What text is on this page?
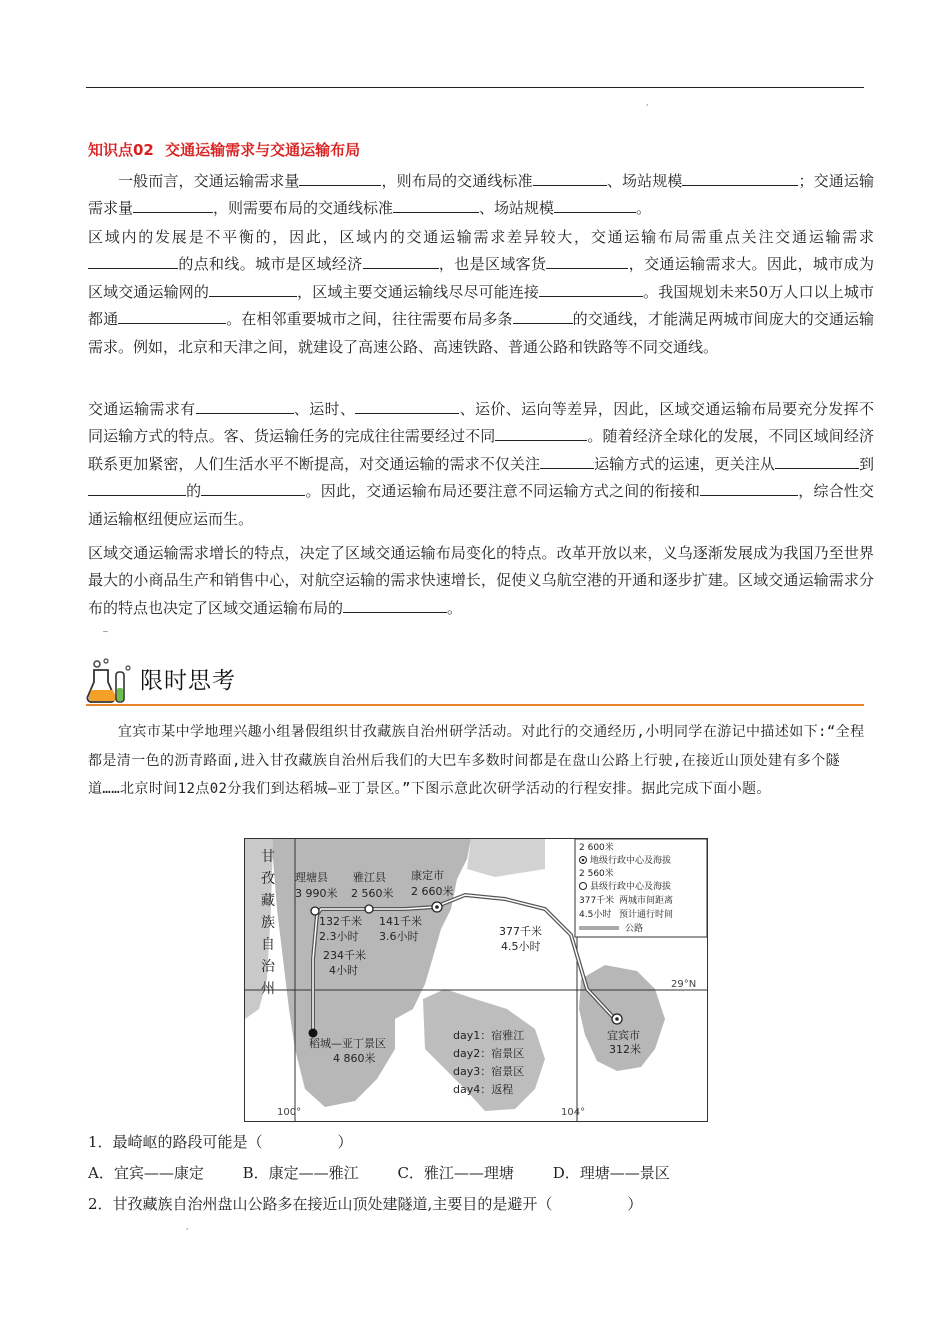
,
知识点02 交通运输需求与交通运输布局

一般而言，交通运输需求量	，则布局的交通线标准	、场站规模	；交通运输需求量	，则需要布局的交通线标准	、场站规模	。

区域内的发展是不平衡的，因此，区域内的交通运输需求差异较大，交通运输布局需重点关注交通运输需求的点和线。城市是区域经济	，也是区域客货	，交通运输需求大。因此，城市成为区域交通运输网的	，区域主要交通运输线尽尽可能连接	。我国规划未来50万人口以上城市都通	。在相邻重要城市之间，往往需要布局多条	的交通线，才能满足两城市间庞大的交通运输需求。例如，北京和天津之间，就建设了高速公路、高速铁路、普通公路和铁路等不同交通线。

交通运输需求有	、运时、	、运价、运向等差异，因此，区域交通运输布局要充分发挥不同运输方式的特点。客、货运输任务的完成往往需要经过不同	。随着经济全球化的发展，不同区域间经济联系更加紧密，人们生活水平不断提高，对交通运输的需求不仅关注	运输方式的运速，更关注从	到的	。因此，交通运输布局还要注意不同运输方式之间的衔接和	，综合性交通运输枢纽便应运而生。

区域交通运输需求增长的特点，决定了区域交通运输布局变化的特点。改革开放以来，义乌逐渐发展成为我国乃至世界最大的小商品生产和销售中心，对航空运输的需求快速增长，促使义乌航空港的开通和逐步扩建。区域交通运输需求分布的特点也决定了区域交通运输布局的	。

~
限时思考

宜宾市某中学地理兴趣小组暑假组织甘孜藏族自治州研学活动。对此行的交通经历,小明同学在游记中描述如下:“全程都是清一色的沥青路面,进入甘孜藏族自治州后我们的大巴车多数时间都是在盘山公路上行驶,在接近山顶处建有多个隧道……北京时间12点02分我们到达稻城—亚丁景区。”下图示意此次研学活动的行程安排。据此完成下面小题。

甘
孜
藏
族
自
治
州
理塘县
3 990米
雅江县
2 560米
康定市
2 660米
132千米
2.3小时
141千米
3.6小时
234千米
4小时
377千米
4.5小时
宜宾市
312米
稻城—亚丁景区
4 860米
29°N
100°	104°
day1：宿雅江
day2：宿景区
day3：宿景区
day4：返程
2 600米
地级行政中心及海拔
2 560米
县级行政中心及海拔
377千米 两城市间距离
4.5小时 预计通行时间
公路

1．最崎岖的路段可能是（　　　　　）

A．宜宾——康定	B．康定——雅江	C．雅江——理塘	D．理塘——景区

2．甘孜藏族自治州盘山公路多在接近山顶处建隧道,主要目的是避开（　　　　　）

,
